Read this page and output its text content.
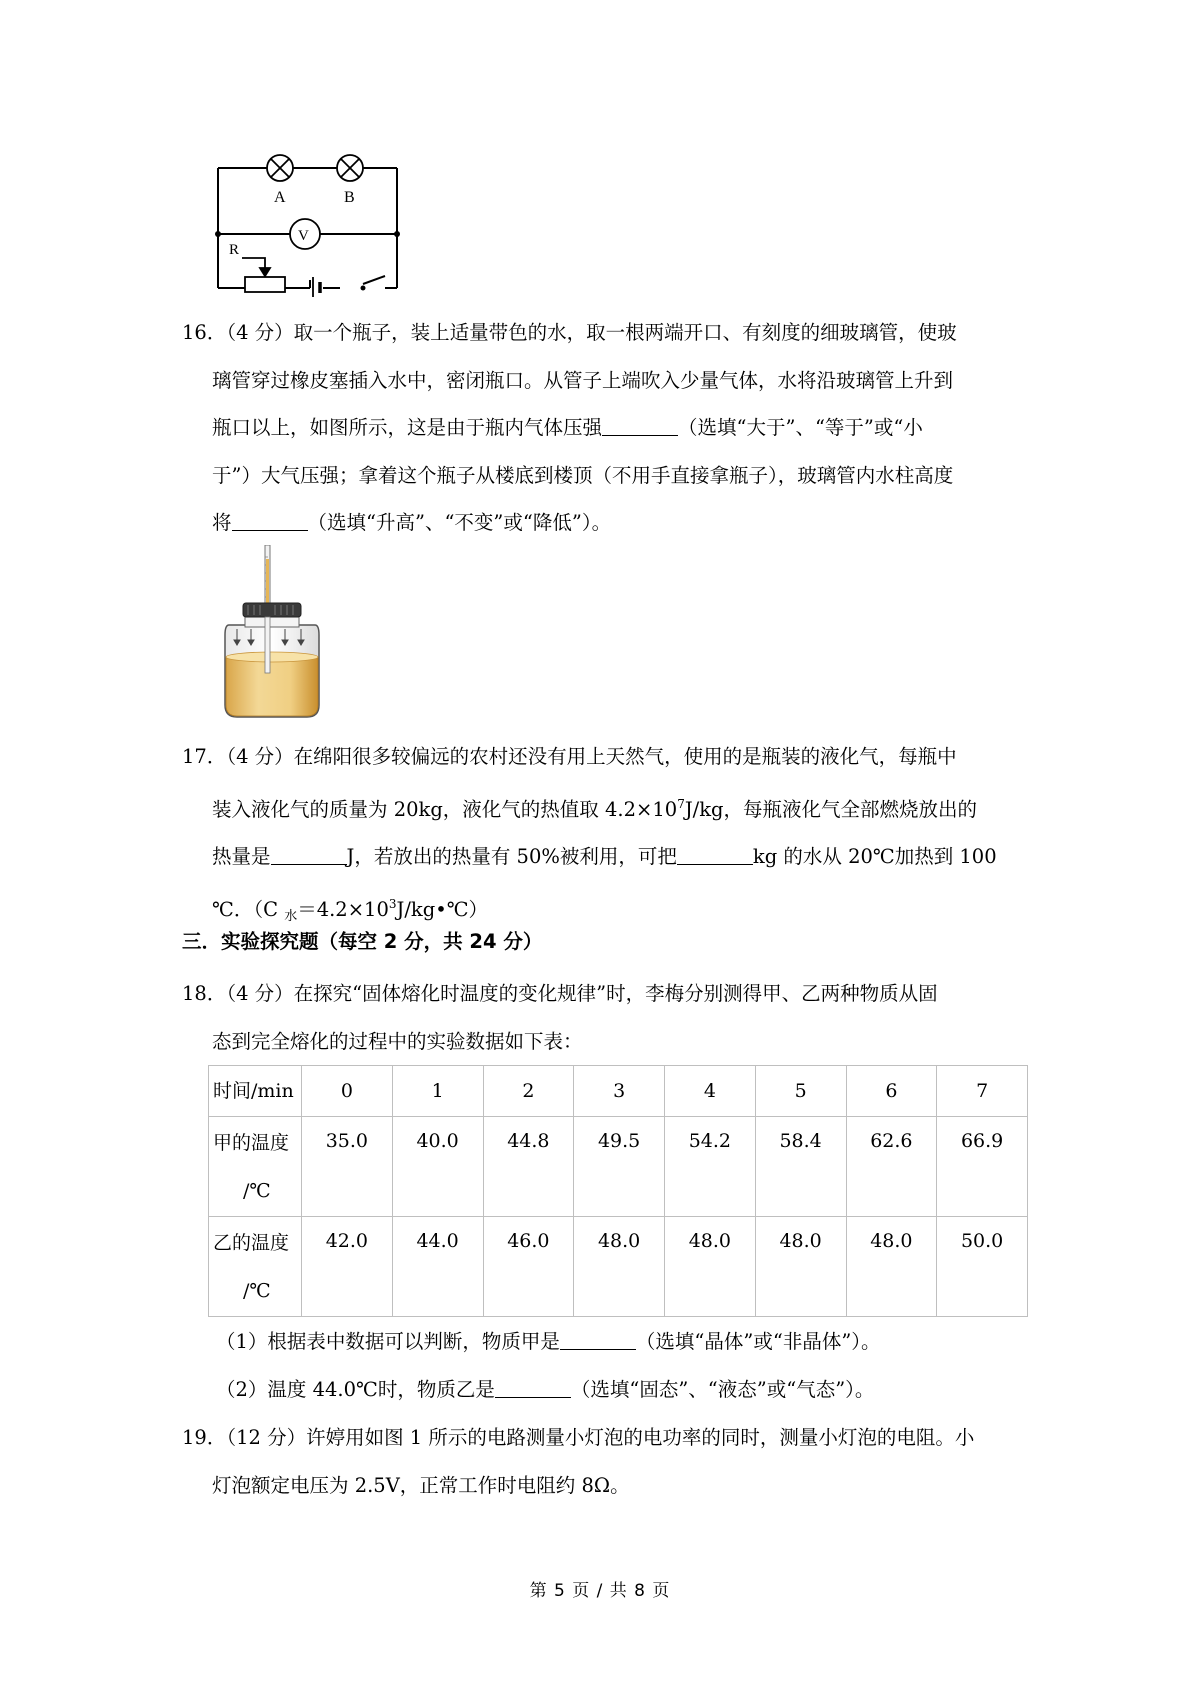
A	B
V
R
16．（4 分）取一个瓶子，装上适量带色的水，取一根两端开口、有刻度的细玻璃管，使玻
璃管穿过橡皮塞插入水中，密闭瓶口。从管子上端吹入少量气体，水将沿玻璃管上升到
瓶口以上，如图所示，这是由于瓶内气体压强	（选填“大于”、“等于”或“小
于”）大气压强；拿着这个瓶子从楼底到楼顶（不用手直接拿瓶子），玻璃管内水柱高度
将	（选填“升高”、“不变”或“降低”）。
17．（4 分）在绵阳很多较偏远的农村还没有用上天然气，使用的是瓶装的液化气，每瓶中
装入液化气的质量为 20kg，液化气的热值取 $4.2\times 10^7J/kg$，每瓶液化气全部燃烧放出的
热量是	J，若放出的热量有 50%被利用，可把	kg 的水从 20℃加热到 100
℃．（C $_水=4.2\times 10^3J/kg•℃$）
三．实验探究题（每空 2 分，共 24 分）
18．（4 分）在探究“固体熔化时温度的变化规律”时，李梅分别测得甲、乙两种物质从固
态到完全熔化的过程中的实验数据如下表：
时间/min	0	1	2	3	4	5	6	7
甲的温度
/℃	35.0	40.0	44.8	49.5	54.2	58.4	62.6	66.9
乙的温度
/℃	42.0	44.0	46.0	48.0	48.0	48.0	48.0	50.0
（1）根据表中数据可以判断，物质甲是	（选填“晶体”或“非晶体”）。
（2）温度 44.0℃时，物质乙是	（选填“固态”、“液态”或“气态”）。
19．（12 分）许婷用如图 1 所示的电路测量小灯泡的电功率的同时，测量小灯泡的电阻。小
灯泡额定电压为 2.5V，正常工作时电阻约 8Ω。
第 5 页 / 共 8 页
